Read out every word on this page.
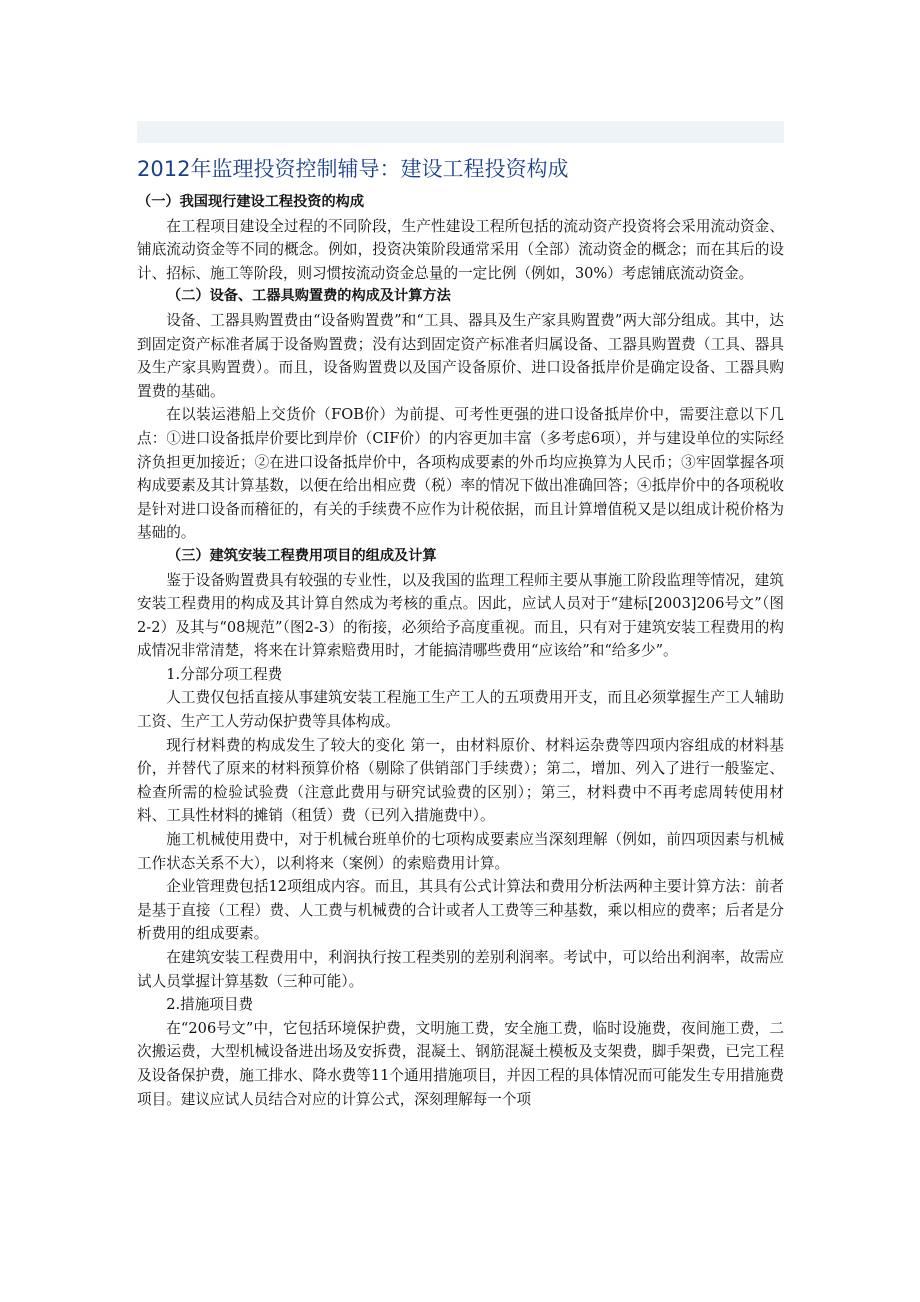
2012年监理投资控制辅导：建设工程投资构成

（一）我国现行建设工程投资的构成

在工程项目建设全过程的不同阶段，生产性建设工程所包括的流动资产投资将会采用流动资金、铺底流动资金等不同的概念。例如，投资决策阶段通常采用（全部）流动资金的概念；而在其后的设计、招标、施工等阶段，则习惯按流动资金总量的一定比例（例如，30%）考虑铺底流动资金。

（二）设备、工器具购置费的构成及计算方法

设备、工器具购置费由“设备购置费”和“工具、器具及生产家具购置费”两大部分组成。其中，达到固定资产标准者属于设备购置费；没有达到固定资产标准者归属设备、工器具购置费（工具、器具及生产家具购置费）。而且，设备购置费以及国产设备原价、进口设备抵岸价是确定设备、工器具购置费的基础。

在以装运港船上交货价（FOB价）为前提、可考性更强的进口设备抵岸价中，需要注意以下几点：①进口设备抵岸价要比到岸价（CIF价）的内容更加丰富（多考虑6项），并与建设单位的实际经济负担更加接近；②在进口设备抵岸价中，各项构成要素的外币均应换算为人民币；③牢固掌握各项构成要素及其计算基数，以便在给出相应费（税）率的情况下做出准确回答；④抵岸价中的各项税收是针对进口设备而稽征的，有关的手续费不应作为计税依据，而且计算增值税又是以组成计税价格为基础的。

（三）建筑安装工程费用项目的组成及计算

鉴于设备购置费具有较强的专业性，以及我国的监理工程师主要从事施工阶段监理等情况，建筑安装工程费用的构成及其计算自然成为考核的重点。因此，应试人员对于“建标[2003]206号文”（图2-2）及其与“08规范”（图2-3）的衔接，必须给予高度重视。而且，只有对于建筑安装工程费用的构成情况非常清楚，将来在计算索赔费用时，才能搞清哪些费用“应该给”和“给多少”。

1.分部分项工程费

人工费仅包括直接从事建筑安装工程施工生产工人的五项费用开支，而且必须掌握生产工人辅助工资、生产工人劳动保护费等具体构成。

现行材料费的构成发生了较大的变化 第一，由材料原价、材料运杂费等四项内容组成的材料基价，并替代了原来的材料预算价格（剔除了供销部门手续费）；第二，增加、列入了进行一般鉴定、检查所需的检验试验费（注意此费用与研究试验费的区别）；第三，材料费中不再考虑周转使用材料、工具性材料的摊销（租赁）费（已列入措施费中）。

施工机械使用费中，对于机械台班单价的七项构成要素应当深刻理解（例如，前四项因素与机械工作状态关系不大），以利将来（案例）的索赔费用计算。

企业管理费包括12项组成内容。而且，其具有公式计算法和费用分析法两种主要计算方法：前者是基于直接（工程）费、人工费与机械费的合计或者人工费等三种基数，乘以相应的费率；后者是分析费用的组成要素。

在建筑安装工程费用中，利润执行按工程类别的差别利润率。考试中，可以给出利润率，故需应试人员掌握计算基数（三种可能）。

2.措施项目费

在“206号文”中，它包括环境保护费，文明施工费，安全施工费，临时设施费，夜间施工费，二次搬运费，大型机械设备进出场及安拆费，混凝土、钢筋混凝土模板及支架费，脚手架费，已完工程及设备保护费，施工排水、降水费等11个通用措施项目，并因工程的具体情况而可能发生专用措施费项目。建议应试人员结合对应的计算公式，深刻理解每一个项
